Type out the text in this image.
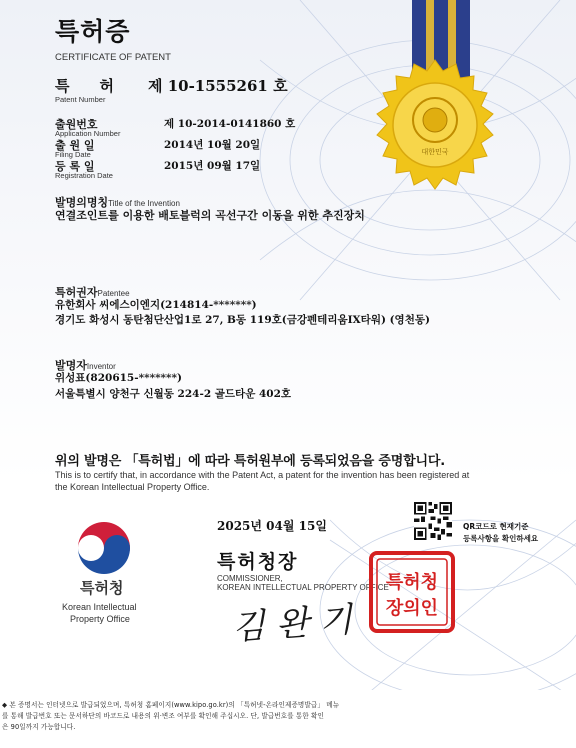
대한민국
특허증
CERTIFICATE OF PATENT
특　　허
Patent Number
제 10-1555261 호
출원번호
Application Number
제 10-2014-0141860 호
출 원 일
Filing Date
2014년 10월 20일
등 록 일
Registration Date
2015년 09월 17일
발명의명칭Title of the Invention
연결조인트를 이용한 배토블럭의 곡선구간 이동을 위한 추진장치
특허권자Patentee
유한회사 씨에스이엔지(214814-*******)
경기도 화성시 동탄첨단산업1로 27, B동 119호(금강펜테리움IX타워) (영천동)
발명자Inventor
위성표(820615-*******)
서울특별시 양천구 신월동 224-2 골드타운 402호
위의 발명은 「특허법」에 따라 특허원부에 등록되었음을 증명합니다.
This is to certify that, in accordance with the Patent Act, a patent for the invention has been registered at
the Korean Intellectual Property Office.
특허청
Korean Intellectual
Property Office
2025년 04월 15일	QR코드로 현재기준
등록사항을 확인하세요
특허청장
COMMISSIONER,
KOREAN INTELLECTUAL PROPERTY OFFICE
특허청
장의인
김 완 기
◆ 본 증명서는 인터넷으로 발급되었으며, 특허청 홈페이지(www.kipo.go.kr)의 「특허넷-온라인제증명발급」 메뉴
를 통해 발급번호 또는 문서하단의 바코드로 내용의 위·변조 여부를 확인해 주십시오. 단, 발급번호를 통한 확인
은 90일까지 가능합니다.
